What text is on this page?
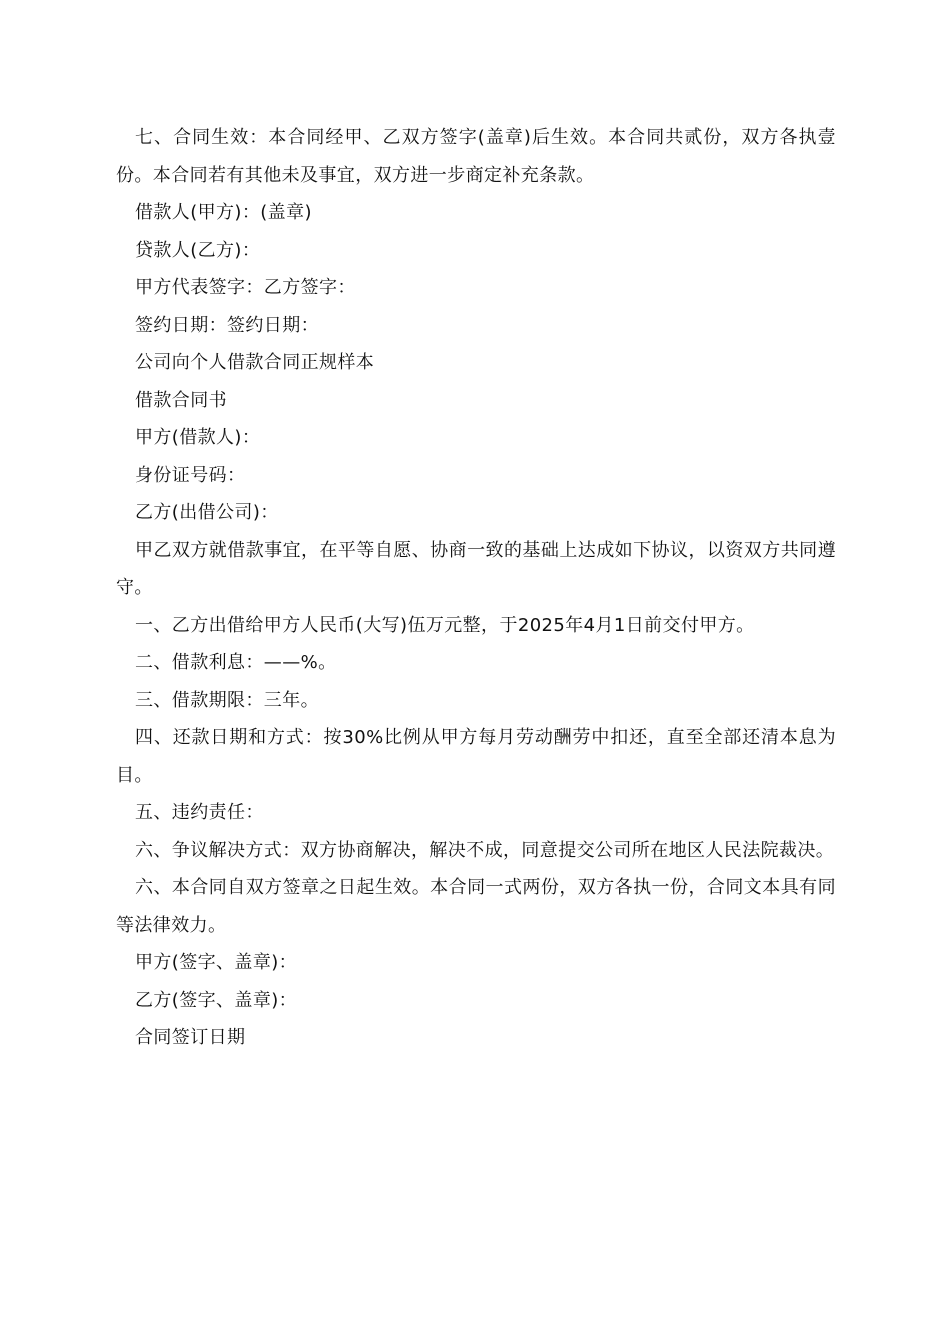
七、合同生效：本合同经甲、乙双方签字(盖章)后生效。本合同共贰份，双方各执壹份。本合同若有其他未及事宜，双方进一步商定补充条款。

借款人(甲方)：(盖章)

贷款人(乙方)：

甲方代表签字：乙方签字：

签约日期：签约日期：

公司向个人借款合同正规样本

借款合同书

甲方(借款人)：

身份证号码：

乙方(出借公司)：

甲乙双方就借款事宜，在平等自愿、协商一致的基础上达成如下协议，以资双方共同遵守。

一、乙方出借给甲方人民币(大写)伍万元整，于2025年4月1日前交付甲方。

二、借款利息：——%。

三、借款期限：三年。

四、还款日期和方式：按30%比例从甲方每月劳动酬劳中扣还，直至全部还清本息为目。

五、违约责任：

六、争议解决方式：双方协商解决，解决不成，同意提交公司所在地区人民法院裁决。

六、本合同自双方签章之日起生效。本合同一式两份，双方各执一份，合同文本具有同等法律效力。

甲方(签字、盖章)：

乙方(签字、盖章)：

合同签订日期
